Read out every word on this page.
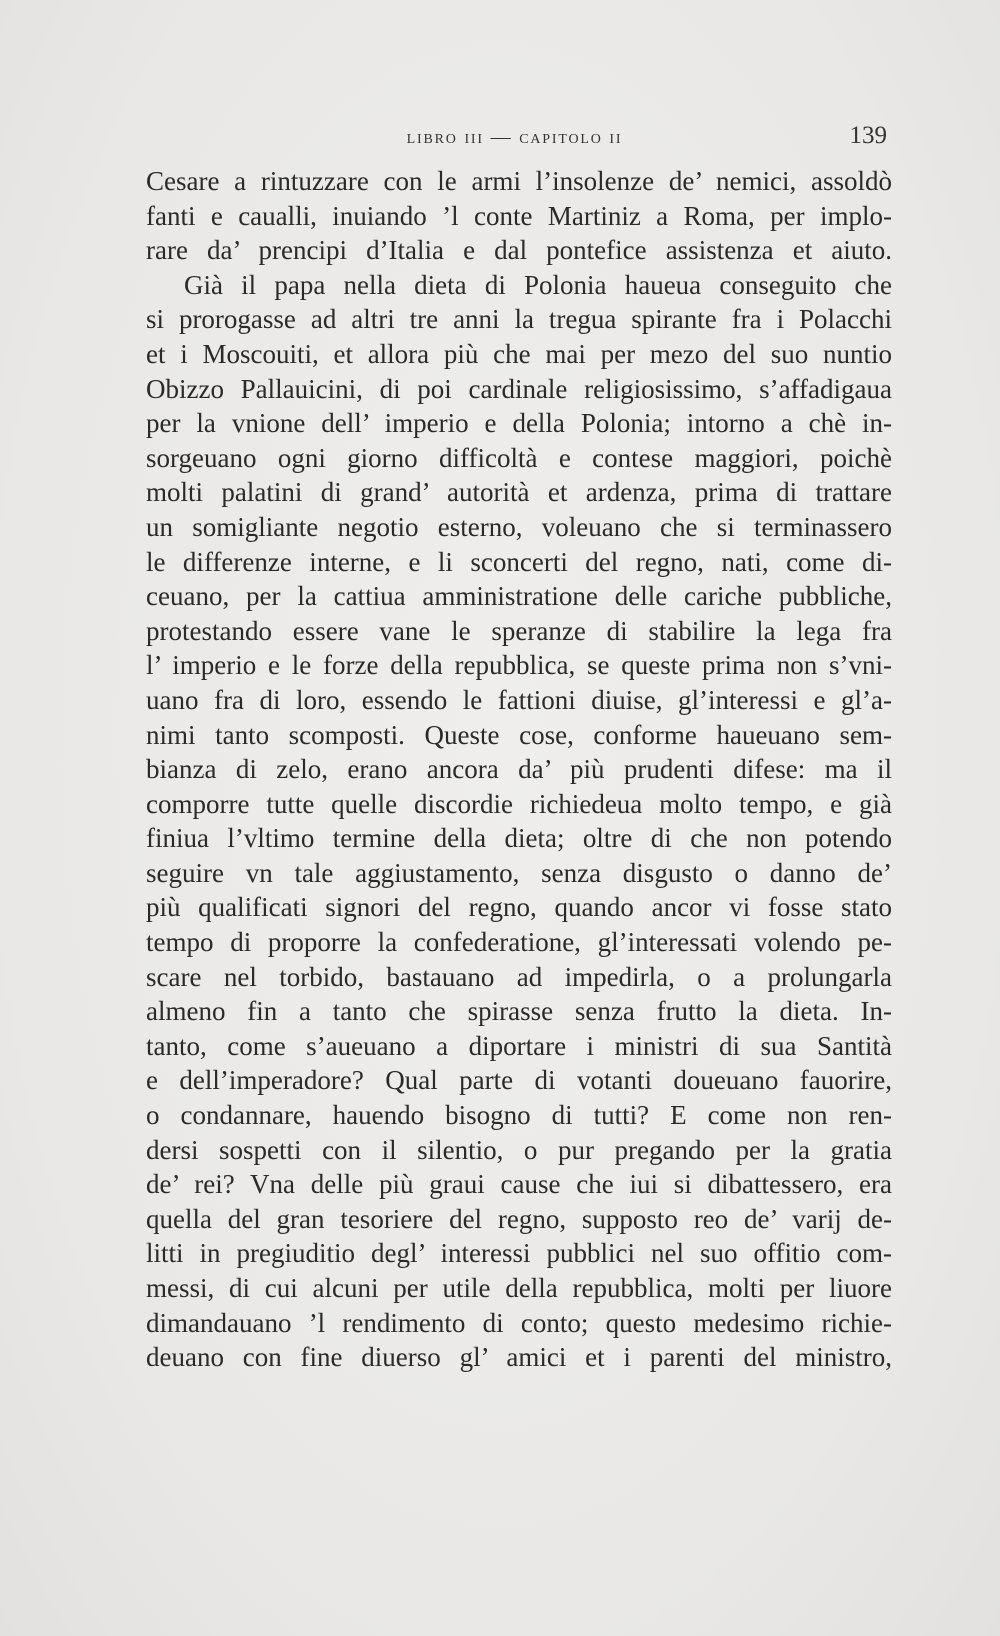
libro iii — capitolo ii	139
Cesare a rintuzzare con le armi l’insolenze de’ nemici, assoldò
fanti e caualli, inuiando ’l conte Martiniz a Roma, per implo-
rare da’ prencipi d’Italia e dal pontefice assistenza et aiuto.
Già il papa nella dieta di Polonia haueua conseguito che
si prorogasse ad altri tre anni la tregua spirante fra i Polacchi
et i Moscouiti, et allora più che mai per mezo del suo nuntio
Obizzo Pallauicini, di poi cardinale religiosissimo, s’affadigaua
per la vnione dell’ imperio e della Polonia; intorno a chè in-
sorgeuano ogni giorno difficoltà e contese maggiori, poichè
molti palatini di grand’ autorità et ardenza, prima di trattare
un somigliante negotio esterno, voleuano che si terminassero
le differenze interne, e li sconcerti del regno, nati, come di-
ceuano, per la cattiua amministratione delle cariche pubbliche,
protestando essere vane le speranze di stabilire la lega fra
l’ imperio e le forze della repubblica, se queste prima non s’vni-
uano fra di loro, essendo le fattioni diuise, gl’interessi e gl’a-
nimi tanto scomposti. Queste cose, conforme haueuano sem-
bianza di zelo, erano ancora da’ più prudenti difese: ma il
comporre tutte quelle discordie richiedeua molto tempo, e già
finiua l’vltimo termine della dieta; oltre di che non potendo
seguire vn tale aggiustamento, senza disgusto o danno de’
più qualificati signori del regno, quando ancor vi fosse stato
tempo di proporre la confederatione, gl’interessati volendo pe-
scare nel torbido, bastauano ad impedirla, o a prolungarla
almeno fin a tanto che spirasse senza frutto la dieta. In-
tanto, come s’aueuano a diportare i ministri di sua Santità
e dell’imperadore? Qual parte di votanti doueuano fauorire,
o condannare, hauendo bisogno di tutti? E come non ren-
dersi sospetti con il silentio, o pur pregando per la gratia
de’ rei? Vna delle più graui cause che iui si dibattessero, era
quella del gran tesoriere del regno, supposto reo de’ varij de-
litti in pregiuditio degl’ interessi pubblici nel suo offitio com-
messi, di cui alcuni per utile della repubblica, molti per liuore
dimandauano ’l rendimento di conto; questo medesimo richie-
deuano con fine diuerso gl’ amici et i parenti del ministro,
